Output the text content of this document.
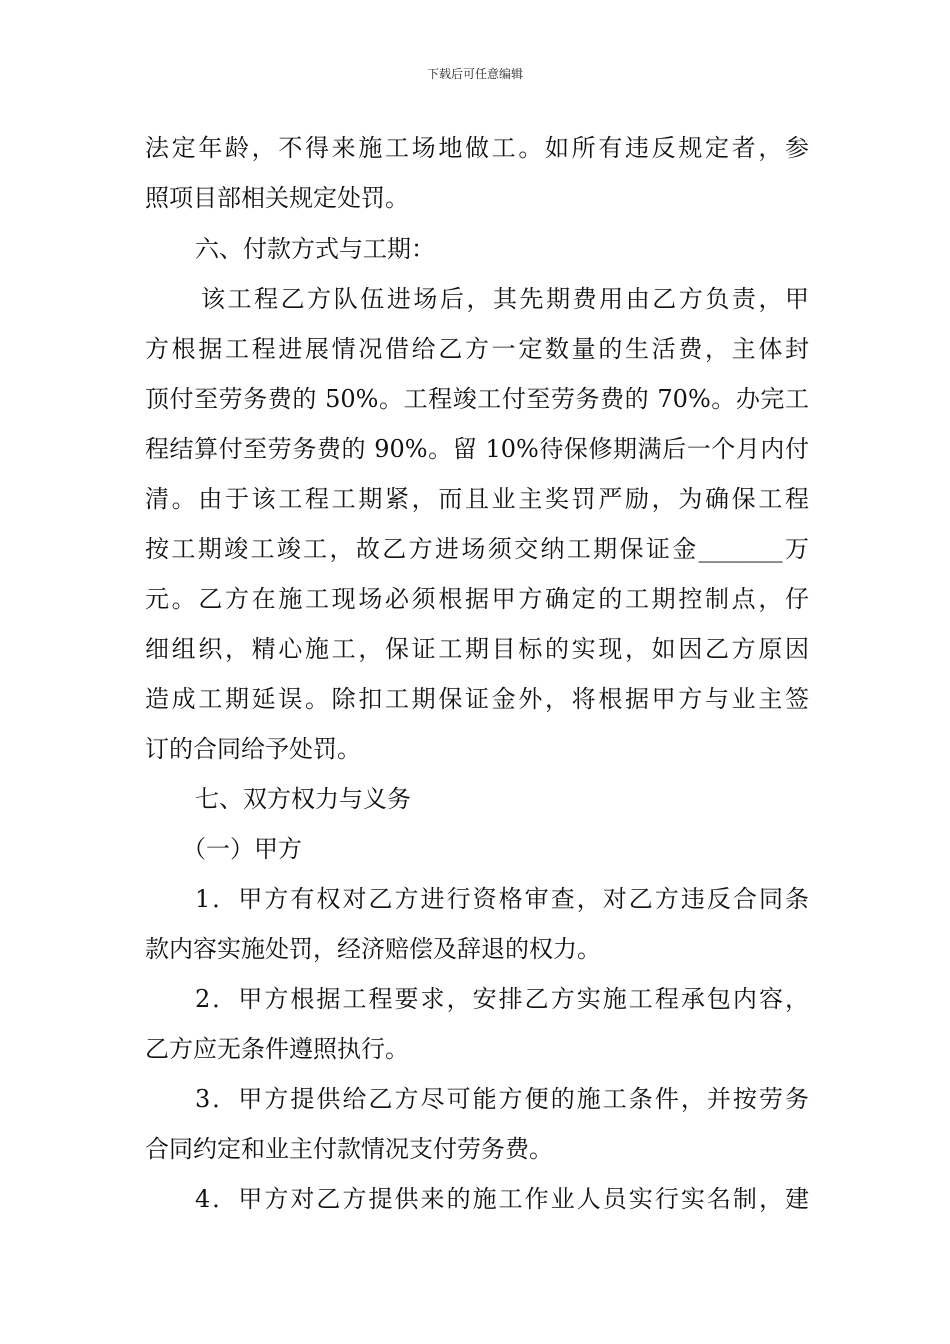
下载后可任意编辑
法定年龄，不得来施工场地做工。如所有违反规定者，参
照项目部相关规定处罚。
六、付款方式与工期：
该工程乙方队伍进场后，其先期费用由乙方负责，甲
方根据工程进展情况借给乙方一定数量的生活费，主体封
顶付至劳务费的 50%。工程竣工付至劳务费的 70%。办完工
程结算付至劳务费的 90%。留 10%待保修期满后一个月内付
清。由于该工程工期紧，而且业主奖罚严励，为确保工程
按工期竣工竣工，故乙方进场须交纳工期保证金_______万
元。乙方在施工现场必须根据甲方确定的工期控制点，仔
细组织，精心施工，保证工期目标的实现，如因乙方原因
造成工期延误。除扣工期保证金外，将根据甲方与业主签
订的合同给予处罚。
七、双方权力与义务
（一）甲方
1．甲方有权对乙方进行资格审查，对乙方违反合同条
款内容实施处罚，经济赔偿及辞退的权力。
2．甲方根据工程要求，安排乙方实施工程承包内容，
乙方应无条件遵照执行。
3．甲方提供给乙方尽可能方便的施工条件，并按劳务
合同约定和业主付款情况支付劳务费。
4．甲方对乙方提供来的施工作业人员实行实名制，建
